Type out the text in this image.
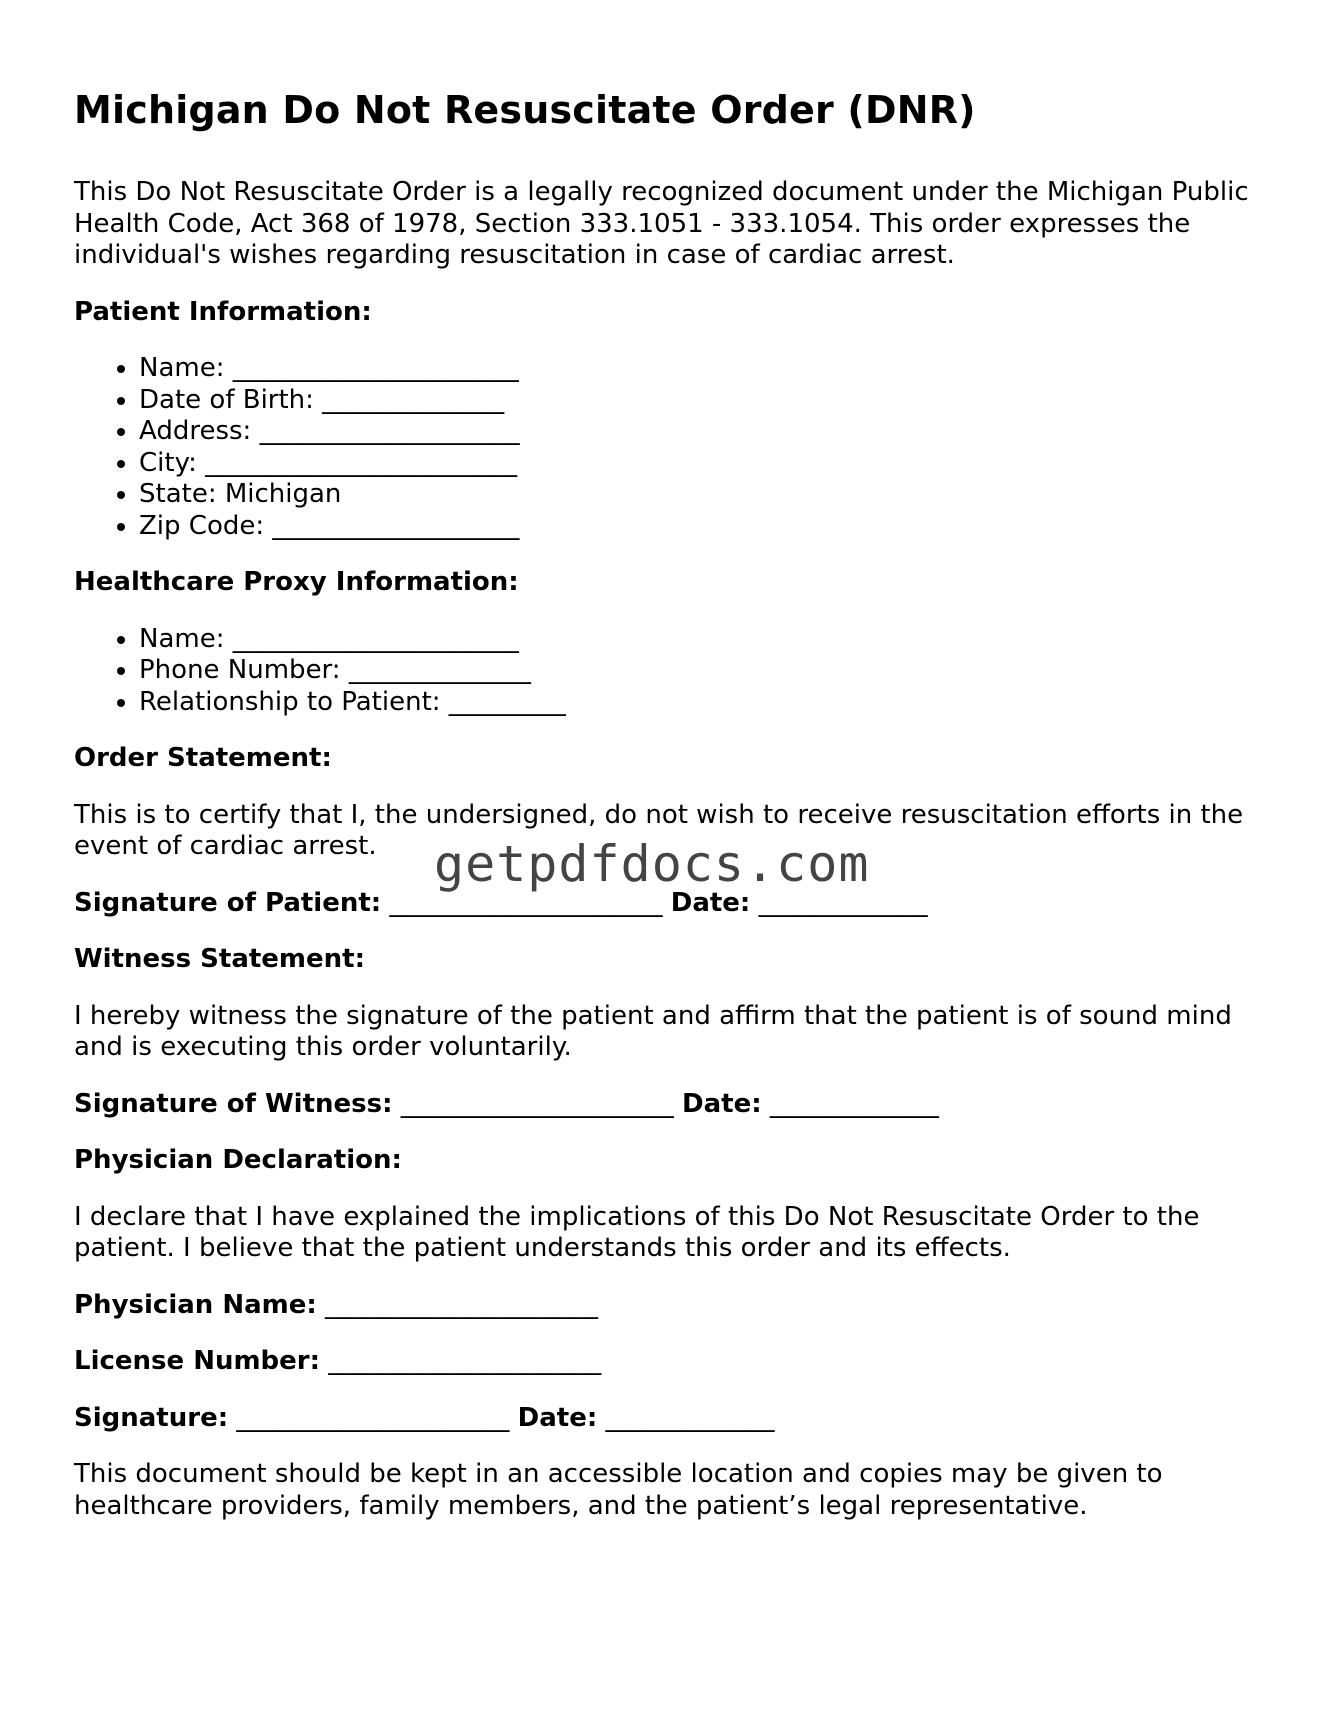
Michigan Do Not Resuscitate Order (DNR)

This Do Not Resuscitate Order is a legally recognized document under the Michigan Public Health Code, Act 368 of 1978, Section 333.1051 - 333.1054. This order expresses the individual's wishes regarding resuscitation in case of cardiac arrest.

Patient Information:
• Name: ______________________
• Date of Birth: ______________
• Address: ____________________
• City: ________________________
• State: Michigan
• Zip Code: ___________________
Healthcare Proxy Information:
• Name: ______________________
• Phone Number: ______________
• Relationship to Patient: _________
Order Statement:

This is to certify that I, the undersigned, do not wish to receive resuscitation efforts in the event of cardiac arrest.

Signature of Patient: _____________________ Date: _____________
Witness Statement:

I hereby witness the signature of the patient and affirm that the patient is of sound mind and is executing this order voluntarily.

Signature of Witness: _____________________ Date: _____________
Physician Declaration:

I declare that I have explained the implications of this Do Not Resuscitate Order to the patient. I believe that the patient understands this order and its effects.

Physician Name: _____________________
License Number: _____________________
Signature: _____________________ Date: _____________

This document should be kept in an accessible location and copies may be given to healthcare providers, family members, and the patient’s legal representative.

getpdfdocs.com
